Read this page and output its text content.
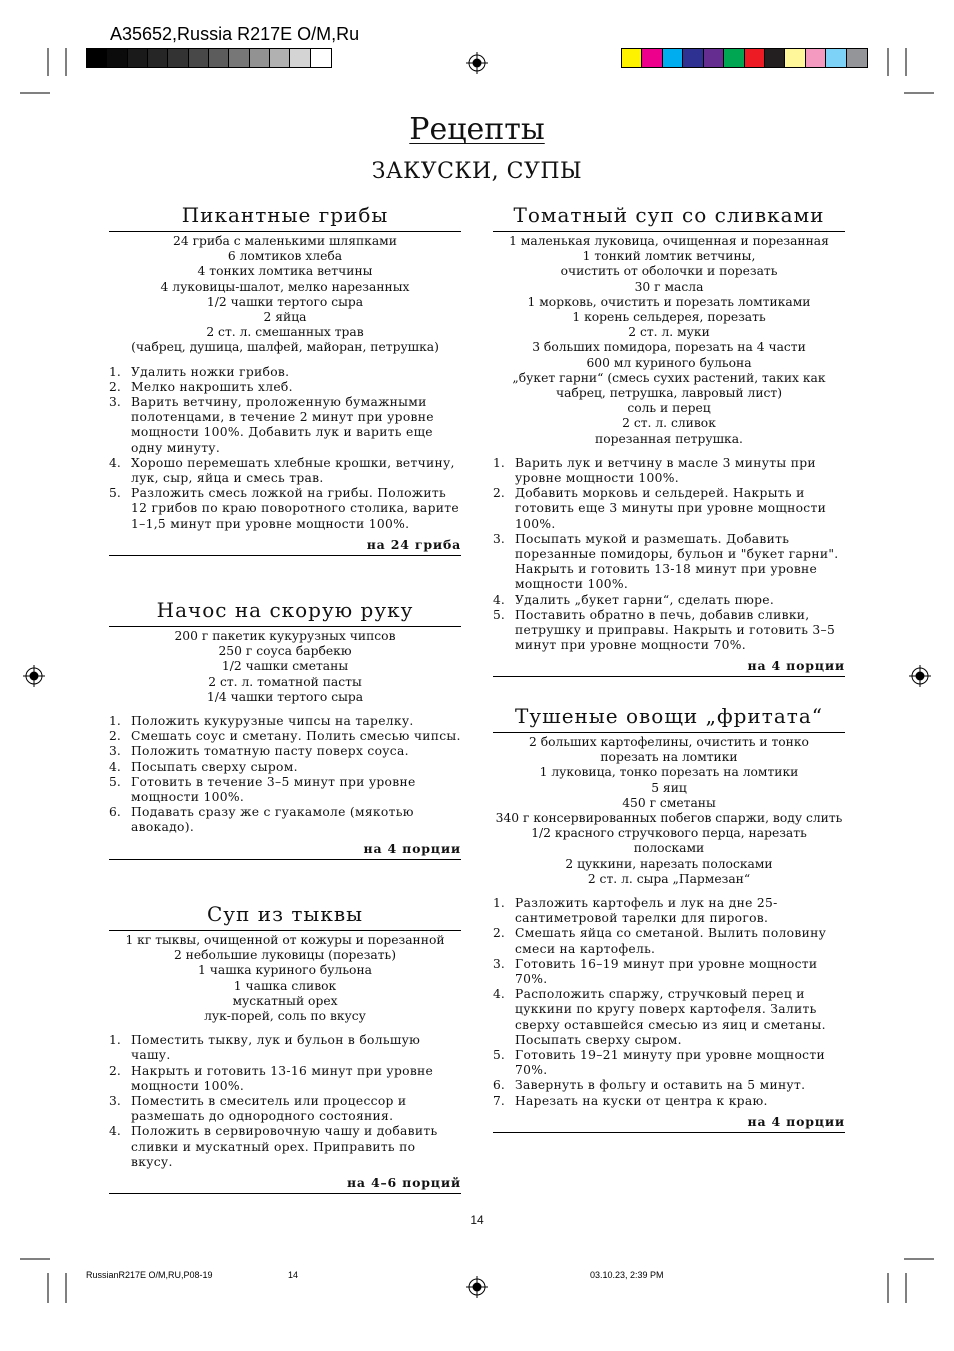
A35652,Russia R217E O/M,Ru
Рецепты
ЗАКУСКИ, СУПЫ
Пикантные грибы
24 гриба с маленькими шляпками
6 ломтиков хлеба
4 тонких ломтика ветчины
4 луковицы-шалот, мелко нарезанных
1/2 чашки тертого сыра
2 яйца
2 ст. л. смешанных трав
(чабрец, душица, шалфей, майоран, петрушка)
1. Удалить ножки грибов.
2. Мелко накрошить хлеб.
3. Варить ветчину, проложенную бумажными полотенцами, в течение 2 минут при уровне мощности 100%. Добавить лук и варить еще одну минуту.
4. Хорошо перемешать хлебные крошки, ветчину, лук, сыр, яйца и смесь трав.
5. Разложить смесь ложкой на грибы. Положить 12 грибов по краю поворотного столика, варите 1–1,5 минут при уровне мощности 100%.
на 24 гриба
Начос на скорую руку
200 г пакетик кукурузных чипсов
250 г соуса барбекю
1/2 чашки сметаны
2 ст. л. томатной пасты
1/4 чашки тертого сыра
1. Положить кукурузные чипсы на тарелку.
2. Смешать соус и сметану. Полить смесью чипсы.
3. Положить томатную пасту поверх соуса.
4. Посыпать сверху сыром.
5. Готовить в течение 3–5 минут при уровне мощности 100%.
6. Подавать сразу же с гуакамоле (мякотью авокадо).
на 4 порции
Суп из тыквы
1 кг тыквы, очищенной от кожуры и порезанной
2 небольшие луковицы (порезать)
1 чашка куриного бульона
1 чашка сливок
мускатный орех
лук-порей, соль по вкусу
1. Поместить тыкву, лук и бульон в большую чашу.
2. Накрыть и готовить 13-16 минут при уровне мощности 100%.
3. Поместить в смеситель или процессор и размешать до однородного состояния.
4. Положить в сервировочную чашу и добавить сливки и мускатный орех. Приправить по вкусу.
на 4–6 порций
Томатный суп со сливками
1 маленькая луковица, очищенная и порезанная
1 тонкий ломтик ветчины,
очистить от оболочки и порезать
30 г масла
1 морковь, очистить и порезать ломтиками
1 корень сельдерея, порезать
2 ст. л. муки
3 больших помидора, порезать на 4 части
600 мл куриного бульона
„букет гарни“ (смесь сухих растений, таких как
чабрец, петрушка, лавровый лист)
соль и перец
2 ст. л. сливок
порезанная петрушка.
1. Варить лук и ветчину в масле 3 минуты при уровне мощности 100%.
2. Добавить морковь и сельдерей. Накрыть и готовить еще 3 минуты при уровне мощности 100%.
3. Посыпать мукой и размешать. Добавить порезанные помидоры, бульон и "букет гарни". Накрыть и готовить 13-18 минут при уровне мощности 100%.
4. Удалить „букет гарни“, сделать пюре.
5. Поставить обратно в печь, добавив сливки, петрушку и приправы. Накрыть и готовить 3–5 минут при уровне мощности 70%.
на 4 порции
Тушеные овощи „фритата“
2 больших картофелины, очистить и тонко
порезать на ломтики
1 луковица, тонко порезать на ломтики
5 яиц
450 г сметаны
340 г консервированных побегов спаржи, воду слить
1/2 красного стручкового перца, нарезать
полосками
2 цуккини, нарезать полосками
2 ст. л. сыра „Пармезан“
1. Разложить картофель и лук на дне 25-сантиметровой тарелки для пирогов.
2. Смешать яйца со сметаной. Вылить половину смеси на картофель.
3. Готовить 16–19 минут при уровне мощности 70%.
4. Расположить спаржу, стручковый перец и цуккини по кругу поверх картофеля. Залить сверху оставшейся смесью из яиц и сметаны. Посыпать сверху сыром.
5. Готовить 19–21 минуту при уровне мощности 70%.
6. Завернуть в фольгу и оставить на 5 минут.
7. Нарезать на куски от центра к краю.
на 4 порции
14
RussianR217E O/M,RU,P08-19	14	03.10.23, 2:39 PM
